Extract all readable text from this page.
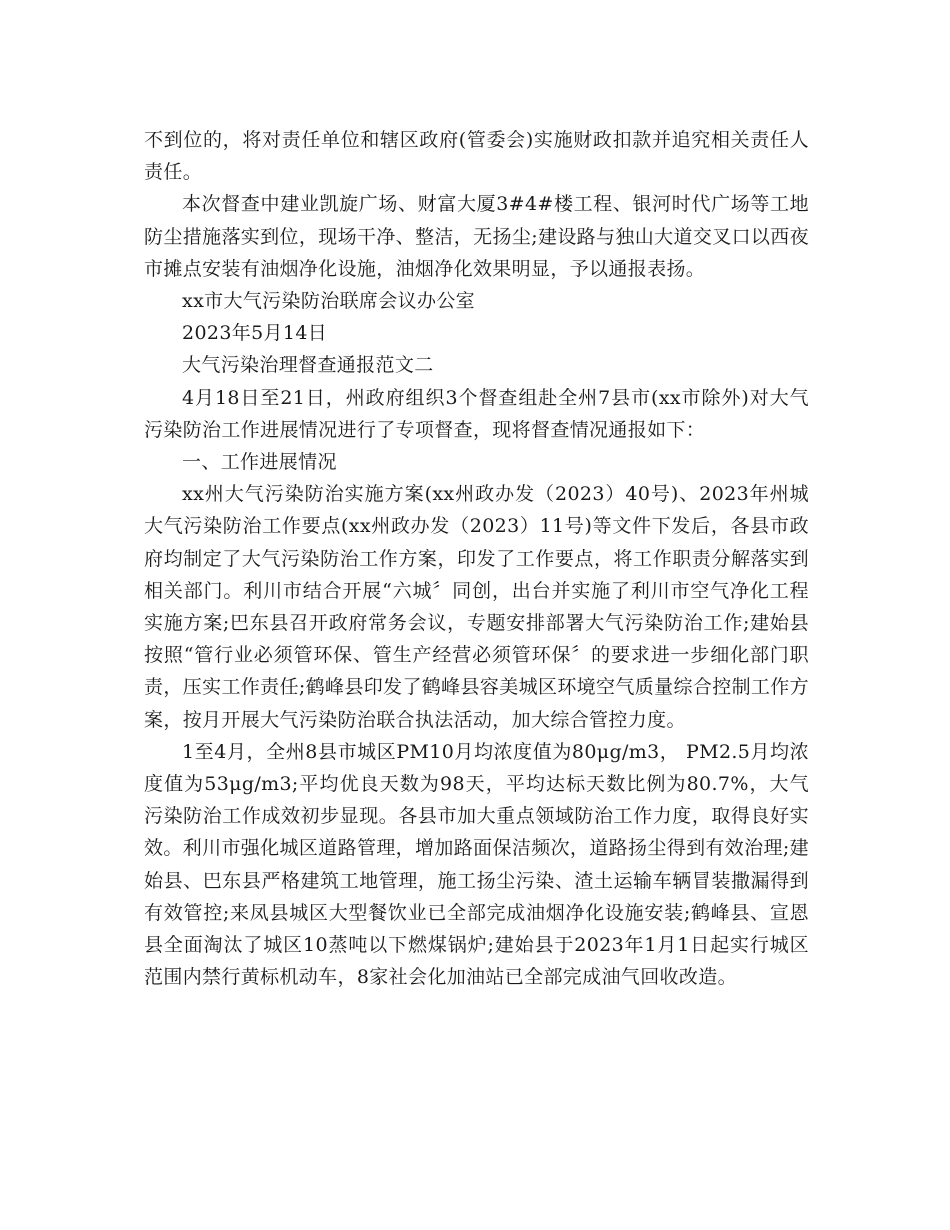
不到位的，将对责任单位和辖区政府(管委会)实施财政扣款并追究相关责任人责任。

本次督查中建业凯旋广场、财富大厦3#4#楼工程、银河时代广场等工地防尘措施落实到位，现场干净、整洁，无扬尘;建设路与独山大道交叉口以西夜市摊点安装有油烟净化设施，油烟净化效果明显，予以通报表扬。

xx市大气污染防治联席会议办公室

2023年5月14日

大气污染治理督查通报范文二

4月18日至21日，州政府组织3个督查组赴全州7县市(xx市除外)对大气污染防治工作进展情况进行了专项督查，现将督查情况通报如下：

一、工作进展情况

xx州大气污染防治实施方案(xx州政办发（2023）40号)、2023年州城大气污染防治工作要点(xx州政办发（2023）11号)等文件下发后，各县市政府均制定了大气污染防治工作方案，印发了工作要点，将工作职责分解落实到相关部门。利川市结合开展“六城〞同创，出台并实施了利川市空气净化工程实施方案;巴东县召开政府常务会议，专题安排部署大气污染防治工作;建始县按照“管行业必须管环保、管生产经营必须管环保〞的要求进一步细化部门职责，压实工作责任;鹤峰县印发了鹤峰县容美城区环境空气质量综合控制工作方案，按月开展大气污染防治联合执法活动，加大综合管控力度。

1至4月，全州8县市城区PM10月均浓度值为80μg/m3， PM2.5月均浓度值为53μg/m3;平均优良天数为98天，平均达标天数比例为80.7%，大气污染防治工作成效初步显现。各县市加大重点领域防治工作力度，取得良好实效。利川市强化城区道路管理，增加路面保洁频次，道路扬尘得到有效治理;建始县、巴东县严格建筑工地管理，施工扬尘污染、渣土运输车辆冒装撒漏得到有效管控;来凤县城区大型餐饮业已全部完成油烟净化设施安装;鹤峰县、宣恩县全面淘汰了城区10蒸吨以下燃煤锅炉;建始县于2023年1月1日起实行城区范围内禁行黄标机动车，8家社会化加油站已全部完成油气回收改造。
